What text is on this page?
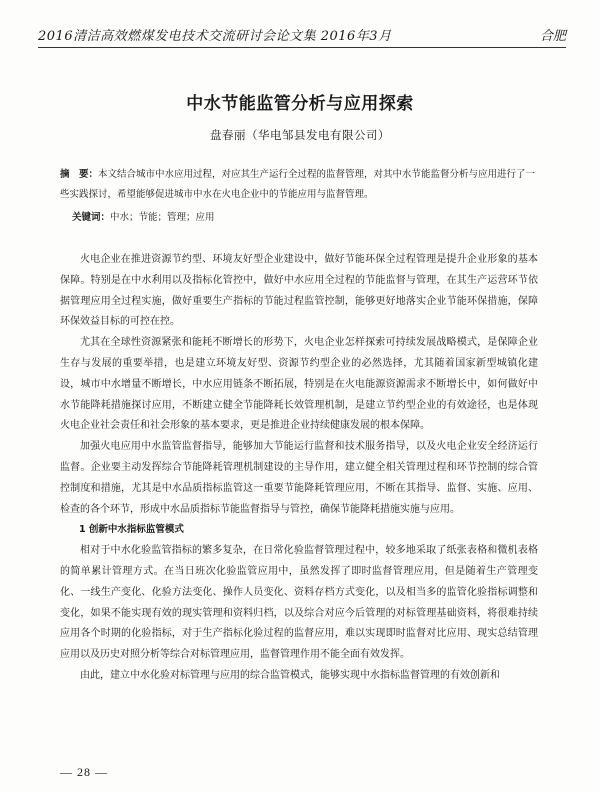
2016清洁高效燃煤发电技术交流研讨会论文集 2016年3月	合肥
中水节能监管分析与应用探索
盘春丽（华电邹县发电有限公司）
摘　要：本文结合城市中水应用过程，对应其生产运行全过程的监督管理，对其中水节能监督分析与应用进行了一些实践探讨，希望能够促进城市中水在火电企业中的节能应用与监督管理。
关键词：中水；节能；管理；应用

火电企业在推进资源节约型、环境友好型企业建设中，做好节能环保全过程管理是提升企业形象的基本保障。特别是在中水利用以及指标化管控中，做好中水应用全过程的节能监督与管理，在其生产运营环节依据管理应用全过程实施，做好重要生产指标的节能过程监管控制，能够更好地落实企业节能环保措施，保障环保效益目标的可控在控。

尤其在全球性资源紧张和能耗不断增长的形势下，火电企业怎样探索可持续发展战略模式，是保障企业生存与发展的重要举措，也是建立环境友好型、资源节约型企业的必然选择，尤其随着国家新型城镇化建设，城市中水增量不断增长，中水应用链条不断拓展，特别是在火电能源资源需求不断增长中，如何做好中水节能降耗措施探讨应用，不断建立健全节能降耗长效管理机制，是建立节约型企业的有效途径，也是体现火电企业社会责任和社会形象的基本要求，更是推进企业持续健康发展的根本保障。

加强火电应用中水监管监督指导，能够加大节能运行监督和技术服务指导，以及火电企业安全经济运行监督。企业要主动发挥综合节能降耗管理机制建设的主导作用，建立健全相关管理过程和环节控制的综合管控制度和措施，尤其是中水品质指标监管这一重要节能降耗管理应用，不断在其指导、监督、实施、应用、检查的各个环节，形成中水品质指标节能监督指导与管控，确保节能降耗措施实施与应用。

1 创新中水指标监管模式

相对于中水化验监管指标的繁多复杂，在日常化验监督管理过程中，较多地采取了纸张表格和微机表格的简单累计管理方式。在当日班次化验监管应用中，虽然发挥了即时监督管理应用，但是随着生产管理变化、一线生产变化、化验方法变化、操作人员变化、资料存档方式变化，以及相当多的监管化验指标调整和变化，如果不能实现有效的现实管理和资料归档，以及综合对应今后管理的对标管理基础资料，将很难持续应用各个时期的化验指标，对于生产指标化验过程的监督应用，难以实现即时监督对比应用、现实总结管理应用以及历史对照分析等综合对标管理应用，监督管理作用不能全面有效发挥。

由此，建立中水化验对标管理与应用的综合监管模式，能够实现中水指标监督管理的有效创新和

— 28 —
